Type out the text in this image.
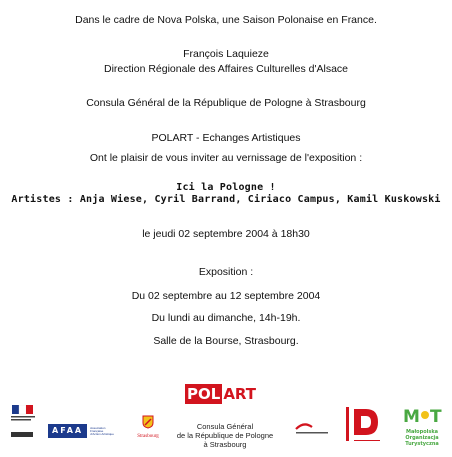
Dans le cadre de Nova Polska, une Saison Polonaise en France.
François Laquieze
Direction Régionale des Affaires Culturelles d'Alsace
Consula Général de la République de Pologne à Strasbourg
POLART - Echanges Artistiques
Ont le plaisir de vous inviter au vernissage de l'exposition :
Ici la Pologne !
Artistes : Anja Wiese, Cyril Barrand, Ciriaco Campus, Kamil Kuskowski
le jeudi 02 septembre 2004 à 18h30
Exposition :
Du 02 septembre au 12 septembre 2004
Du lundi au dimanche, 14h-19h.
Salle de la Bourse, Strasbourg.
POL ART
AFAA	Association Française d'Action Artistique
Strasbourg
Consula Général
de la République de Pologne
à Strasbourg
M T
Małopolska
Organizacja
Turystyczna
